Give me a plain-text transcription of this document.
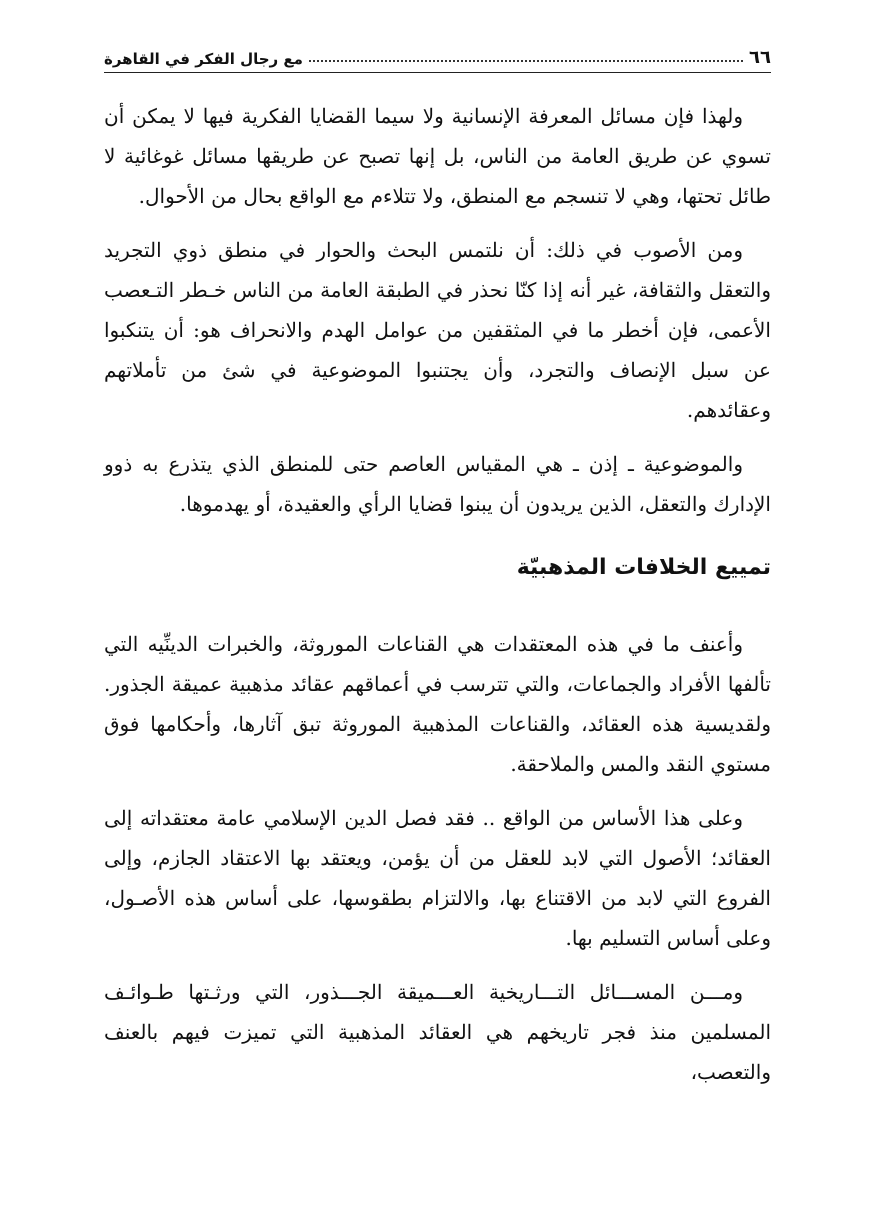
٦٦
مع رجال الفكر في القاهرة

ولهذا فإن مسائل المعرفة الإنسانية ولا سيما القضايا الفكرية فيها لا يمكن أن تسوي عن طريق العامة من الناس، بل إنها تصبح عن طريقها مسائل غوغائية لا طائل تحتها، وهي لا تنسجم مع المنطق، ولا تتلاءم مع الواقع بحال من الأحوال.

ومن الأصوب في ذلك: أن نلتمس البحث والحوار في منطق ذوي التجريد والتعقل والثقافة، غير أنه إذا كنّا نحذر في الطبقة العامة من الناس خـطر التـعصب الأعمى، فإن أخطر ما في المثقفين من عوامل الهدم والانحراف هو: أن يتنكبوا عن سبل الإنصاف والتجرد، وأن يجتنبوا الموضوعية في شئ من تأملاتهم وعقائدهم.

والموضوعية ـ إذن ـ هي المقياس العاصم حتى للمنطق الذي يتذرع به ذوو الإدارك والتعقل، الذين يريدون أن يبنوا قضايا الرأي والعقيدة، أو يهدموها.

تمييع الخلافات المذهبيّة

وأعنف ما في هذه المعتقدات هي القناعات الموروثة، والخبرات الدينِّيه التي تألفها الأفراد والجماعات، والتي تترسب في أعماقهم عقائد مذهبية عميقة الجذور. ولقديسية هذه العقائد، والقناعات المذهبية الموروثة تبق آثارها، وأحكامها فوق مستوي النقد والمس والملاحقة.

وعلى هذا الأساس من الواقع .. فقد فصل الدين الإسلامي عامة معتقداته إلى العقائد؛ الأصول التي لابد للعقل من أن يؤمن، ويعتقد بها الاعتقاد الجازم، وإلى الفروع التي لابد من الاقتناع بها، والالتزام بطقوسها، على أساس هذه الأصـول، وعلى أساس التسليم بها.

ومـــن المســـائل التـــاريخية العـــميقة الجـــذور، التي ورثـتها طـوائـف المسلمين منذ فجر تاريخهم هي العقائد المذهبية التي تميزت فيهم بالعنف والتعصب،
